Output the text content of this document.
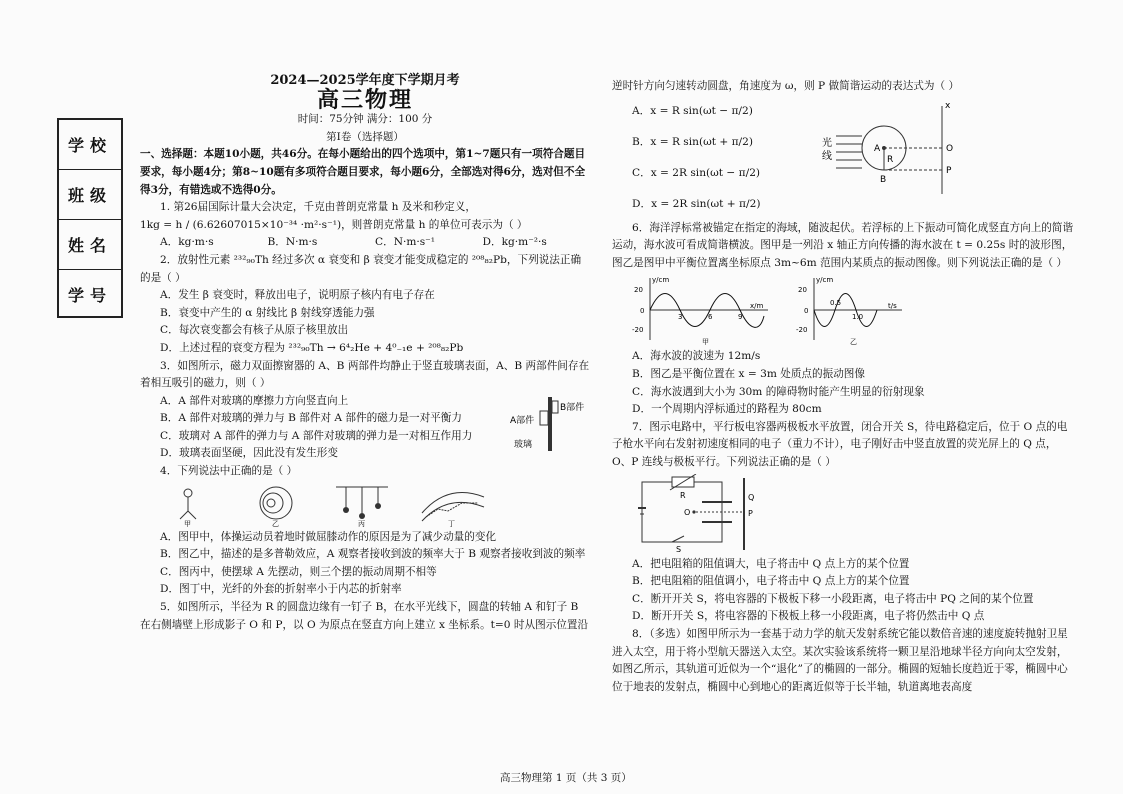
学校
班级
姓名
学号

2024—2025学年度下学期月考

高三物理

时间：75分钟 满分：100 分

第Ⅰ卷（选择题）

一、选择题：本题10小题，共46分。在每小题给出的四个选项中，第1~7题只有一项符合题目要求，每小题4分；第8~10题有多项符合题目要求，每小题6分，全部选对得6分，选对但不全得3分，有错选或不选得0分。

1. 第26届国际计量大会决定，千克由普朗克常量 h 及米和秒定义，

1kg = h / (6.62607015×10⁻³⁴ ·m²·s⁻¹)，则普朗克常量 h 的单位可表示为（ ）

A．kg·m·s	B．N·m·s	C．N·m·s⁻¹	D．kg·m⁻²·s

2．放射性元素 ²³²₉₀Th 经过多次 α 衰变和 β 衰变才能变成稳定的 ²⁰⁸₈₂Pb，下列说法正确的是（ ）

A．发生 β 衰变时，释放出电子，说明原子核内有电子存在

B．衰变中产生的 α 射线比 β 射线穿透能力强

C．每次衰变都会有核子从原子核里放出

D．上述过程的衰变方程为 ²³²₉₀Th → 6⁴₂He + 4⁰₋₁e + ²⁰⁸₈₂Pb

3．如图所示，磁力双面擦窗器的 A、B 两部件均静止于竖直玻璃表面，A、B 两部件间存在着相互吸引的磁力，则（ ）

A．A 部件对玻璃的摩擦力方向竖直向上

B．A 部件对玻璃的弹力与 B 部件对 A 部件的磁力是一对平衡力

C．玻璃对 A 部件的弹力与 A 部件对玻璃的弹力是一对相互作用力

D．玻璃表面坚硬，因此没有发生形变

A部件
B部件
玻璃

4．下列说法中正确的是（ ）

甲	乙	丙	丁

A．图甲中，体操运动员着地时做屈膝动作的原因是为了减少动量的变化

B．图乙中，描述的是多普勒效应，A 观察者接收到波的频率大于 B 观察者接收到波的频率

C．图丙中，使摆球 A 先摆动，则三个摆的振动周期不相等

D．图丁中，光纤的外套的折射率小于内芯的折射率

5．如图所示，半径为 R 的圆盘边缘有一钉子 B，在水平光线下，圆盘的转轴 A 和钉子 B 在右侧墙壁上形成影子 O 和 P，以 O 为原点在竖直方向上建立 x 坐标系。t=0 时从图示位置沿

逆时针方向匀速转动圆盘，角速度为 ω，则 P 做简谐运动的表达式为（ ）

A．x = R sin(ωt − π/2)

B．x = R sin(ωt + π/2)

C．x = 2R sin(ωt − π/2)

D．x = 2R sin(ωt + π/2)

光
线
A
R
B
x
O
P

6．海洋浮标常被锚定在指定的海域，随波起伏。若浮标的上下振动可简化成竖直方向上的简谐运动，海水波可看成简谐横波。图甲是一列沿 x 轴正方向传播的海水波在 t = 0.25s 时的波形图，图乙是图甲中平衡位置离坐标原点 3m~6m 范围内某质点的振动图像。则下列说法正确的是（ ）

y/cm
x/m
20
0
-20
3	6	9
甲
y/cm
t/s
20
0
-20
0.5
1.0
乙

A．海水波的波速为 12m/s

B．图乙是平衡位置在 x = 3m 处质点的振动图像

C．海水波遇到大小为 30m 的障碍物时能产生明显的衍射现象

D．一个周期内浮标通过的路程为 80cm

7．图示电路中，平行板电容器两极板水平放置，闭合开关 S，待电路稳定后，位于 O 点的电子枪水平向右发射初速度相同的电子（重力不计），电子刚好击中竖直放置的荧光屏上的 Q 点，O、P 连线与极板平行。下列说法正确的是（ ）

R
O
Q
P
S

A．把电阻箱的阻值调大，电子将击中 Q 点上方的某个位置

B．把电阻箱的阻值调小，电子将击中 Q 点上方的某个位置

C．断开开关 S，将电容器的下极板下移一小段距离，电子将击中 PQ 之间的某个位置

D．断开开关 S，将电容器的下极板上移一小段距离，电子将仍然击中 Q 点

8．（多选）如图甲所示为一套基于动力学的航天发射系统它能以数倍音速的速度旋转抛射卫星进入太空，用于将小型航天器送入太空。某次实验该系统将一颗卫星沿地球半径方向向太空发射，如图乙所示，其轨道可近似为一个“退化”了的椭圆的一部分。椭圆的短轴长度趋近于零，椭圆中心位于地表的发射点，椭圆中心到地心的距离近似等于长半轴，轨道离地表高度

高三物理第 1 页（共 3 页）
